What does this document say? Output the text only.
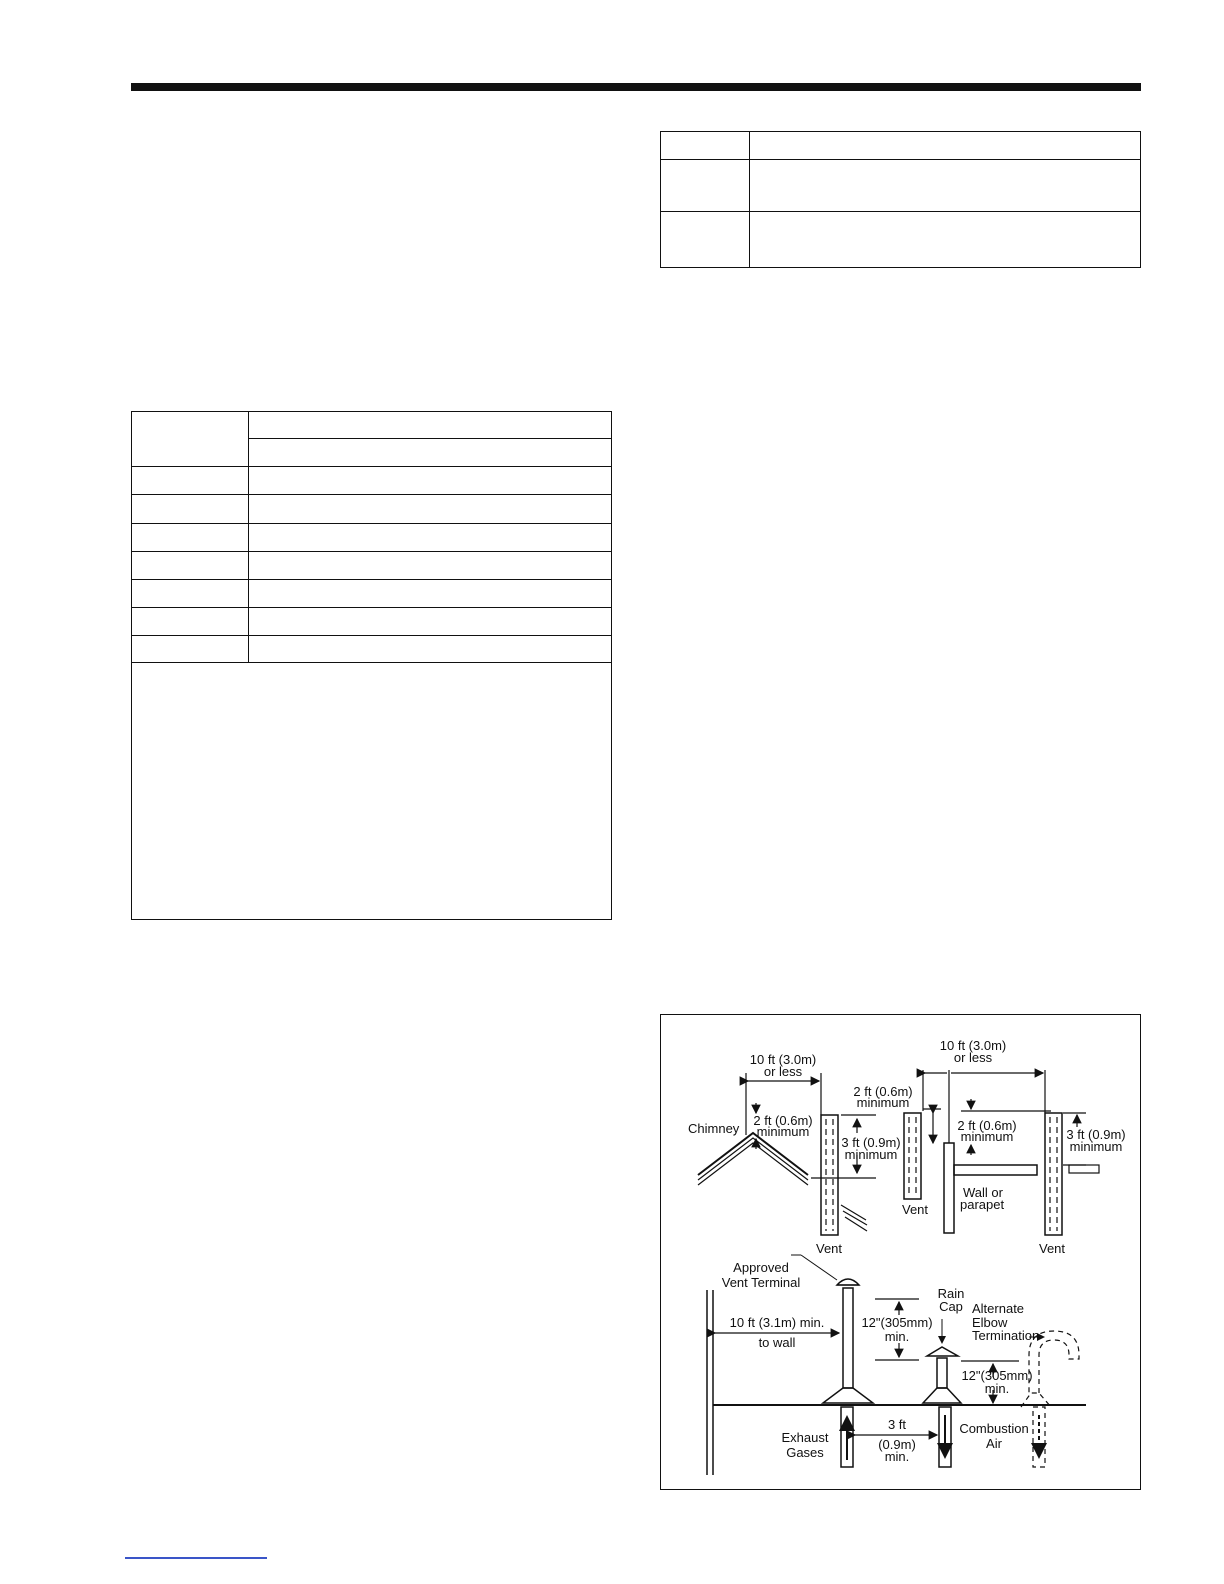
10 ft (3.0m)
or less
Chimney
2 ft (0.6m)
minimum
3 ft (0.9m)
minimum
Vent
Vent
Vent
10 ft (3.0m)
or less
2 ft (0.6m)
minimum
2 ft (0.6m)
minimum
Wall or
parapet
3 ft (0.9m)
minimum
Approved
Vent Terminal
10 ft (3.1m) min.
to wall
12"(305mm)
min.
Rain
Cap Alternate
Elbow
Termination
12"(305mm)
min.
Exhaust
Gases
3 ft
(0.9m)
min.
Combustion
Air
